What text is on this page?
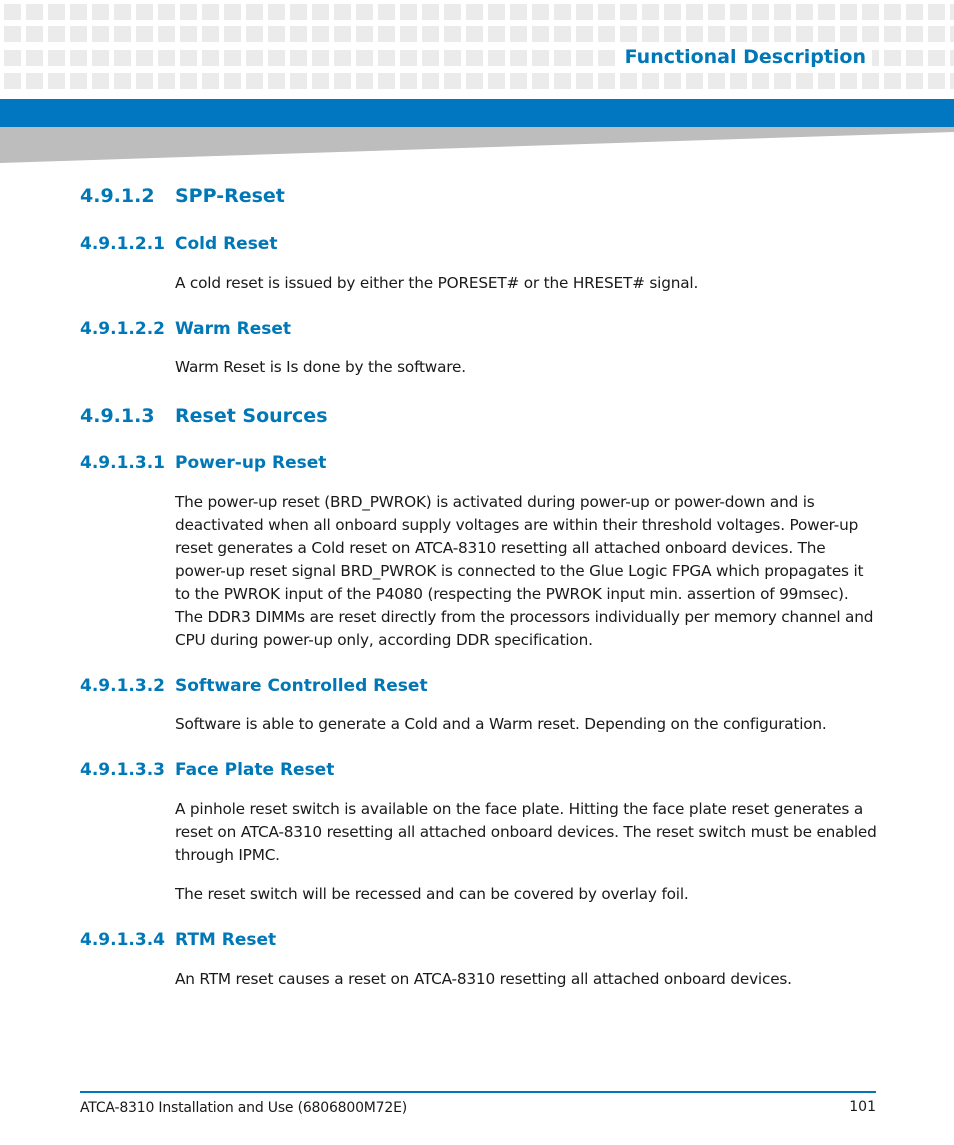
Functional Description
4.9.1.2 SPP-Reset
4.9.1.2.1 Cold Reset
A cold reset is issued by either the PORESET# or the HRESET# signal.
4.9.1.2.2 Warm Reset
Warm Reset is Is done by the software.
4.9.1.3 Reset Sources
4.9.1.3.1 Power-up Reset
The power-up reset (BRD_PWROK) is activated during power-up or power-down and is deactivated when all onboard supply voltages are within their threshold voltages. Power-up reset generates a Cold reset on ATCA-8310 resetting all attached onboard devices. The power-up reset signal BRD_PWROK is connected to the Glue Logic FPGA which propagates it to the PWROK input of the P4080 (respecting the PWROK input min. assertion of 99msec). The DDR3 DIMMs are reset directly from the processors individually per memory channel and CPU during power-up only, according DDR specification.
4.9.1.3.2 Software Controlled Reset
Software is able to generate a Cold and a Warm reset. Depending on the configuration.
4.9.1.3.3 Face Plate Reset
A pinhole reset switch is available on the face plate. Hitting the face plate reset generates a reset on ATCA-8310 resetting all attached onboard devices. The reset switch must be enabled through IPMC.
The reset switch will be recessed and can be covered by overlay foil.
4.9.1.3.4 RTM Reset
An RTM reset causes a reset on ATCA-8310 resetting all attached onboard devices.
ATCA-8310 Installation and Use (6806800M72E)	101
